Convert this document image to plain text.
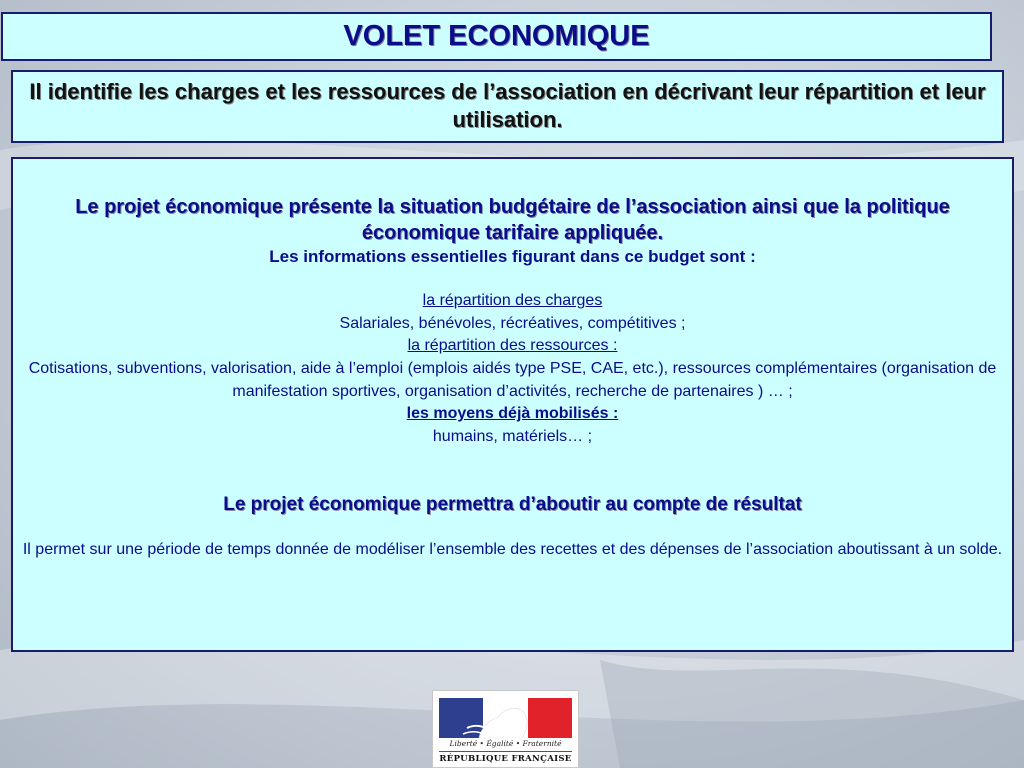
VOLET ECONOMIQUE
Il identifie les charges et les ressources de l’association en décrivant leur répartition et leur utilisation.

Le projet économique présente la situation budgétaire de l’association ainsi que la politique économique tarifaire appliquée.

Les informations essentielles figurant dans ce budget sont :

la répartition des charges

Salariales, bénévoles, récréatives, compétitives ;

la répartition des ressources :

Cotisations, subventions, valorisation, aide à l’emploi (emplois aidés type PSE, CAE, etc.), ressources complémentaires (organisation de manifestation sportives, organisation d’activités, recherche de partenaires ) … ;

les moyens déjà mobilisés :

humains, matériels… ;

Le projet économique permettra d’aboutir au compte de résultat

Il permet sur une période de temps donnée de modéliser l’ensemble des recettes et des dépenses de l’association aboutissant à un solde.

Liberté • Égalité • Fraternité
RÉPUBLIQUE FRANÇAISE
